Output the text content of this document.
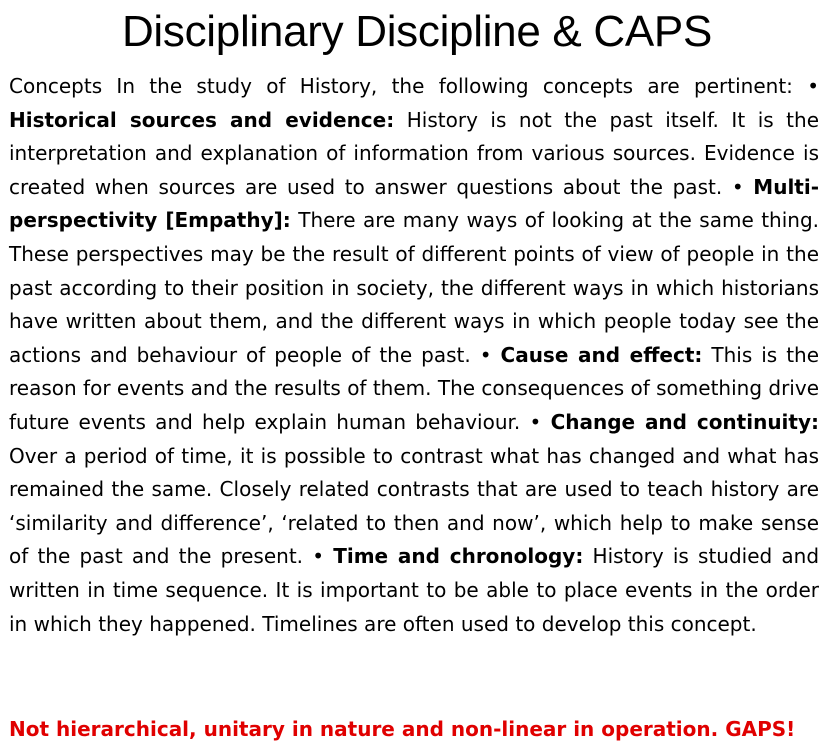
Disciplinary Discipline & CAPS

Concepts In the study of History, the following concepts are pertinent: • Historical sources and evidence: History is not the past itself. It is the interpretation and explanation of information from various sources. Evidence is created when sources are used to answer questions about the past. • Multi-perspectivity [Empathy]: There are many ways of looking at the same thing. These perspectives may be the result of different points of view of people in the past according to their position in society, the different ways in which historians have written about them, and the different ways in which people today see the actions and behaviour of people of the past. • Cause and effect: This is the reason for events and the results of them. The consequences of something drive future events and help explain human behaviour. • Change and continuity: Over a period of time, it is possible to contrast what has changed and what has remained the same. Closely related contrasts that are used to teach history are ‘similarity and difference’, ‘related to then and now’, which help to make sense of the past and the present. • Time and chronology: History is studied and written in time sequence. It is important to be able to place events in the order in which they happened. Timelines are often used to develop this concept.

Not hierarchical, unitary in nature and non-linear in operation. GAPS!
